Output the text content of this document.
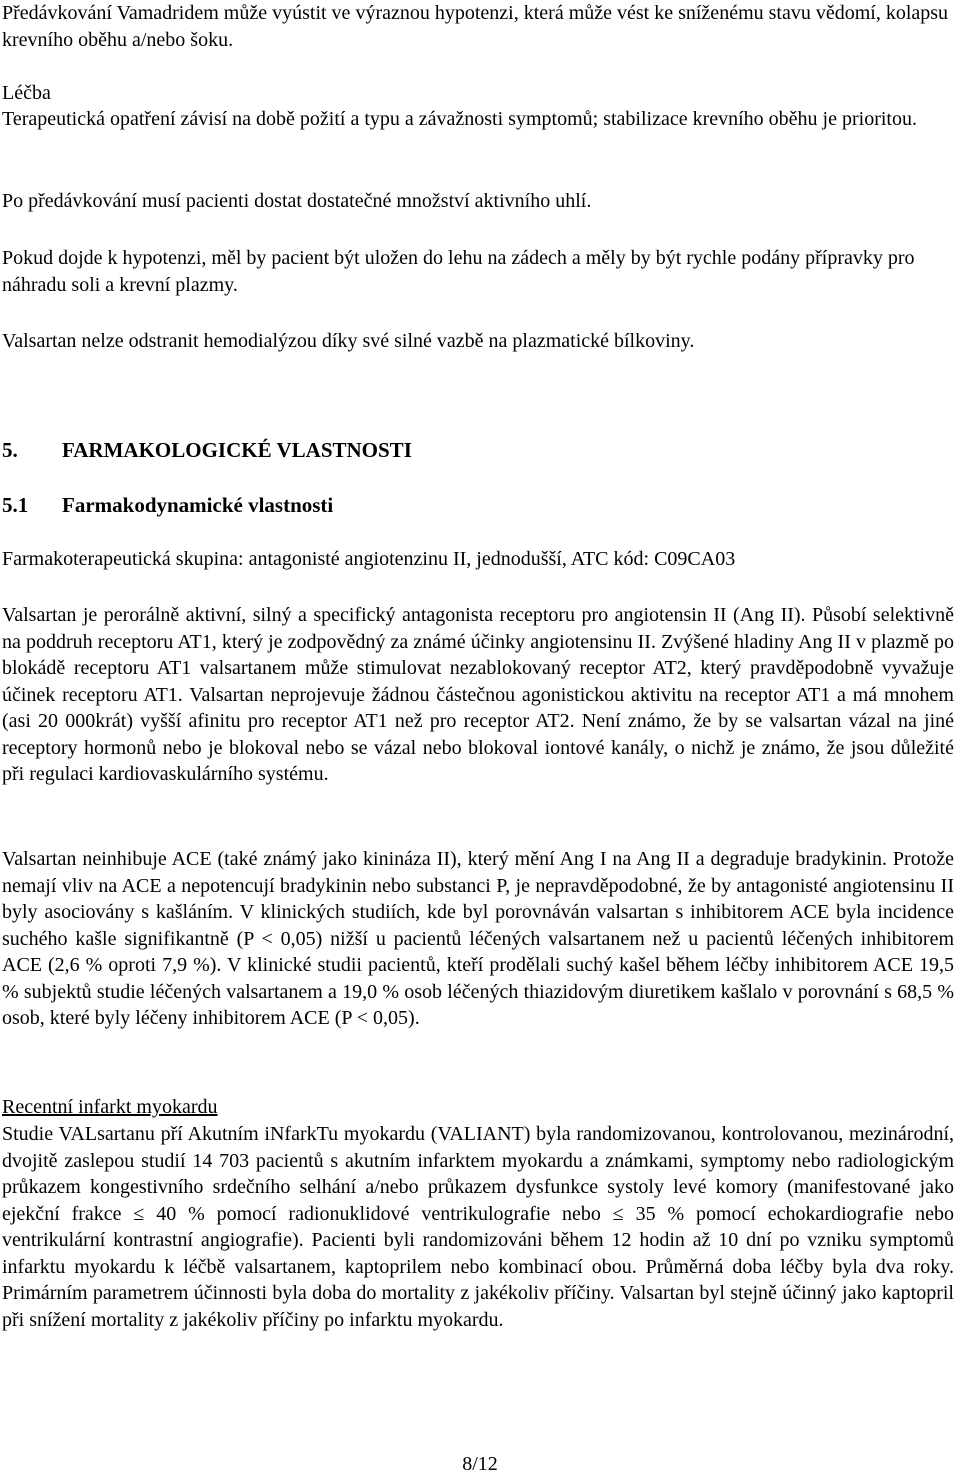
Předávkování Vamadridem může vyústit ve výraznou hypotenzi, která může vést ke sníženému stavu vědomí, kolapsu krevního oběhu a/nebo šoku.

Léčba

Terapeutická opatření závisí na době požití a typu a závažnosti symptomů; stabilizace krevního oběhu je prioritou.

Po předávkování musí pacienti dostat dostatečné množství aktivního uhlí.

Pokud dojde k hypotenzi, měl by pacient být uložen do lehu na zádech a měly by být rychle podány přípravky pro náhradu soli a krevní plazmy.

Valsartan nelze odstranit hemodialýzou díky své silné vazbě na plazmatické bílkoviny.

5. FARMAKOLOGICKÉ VLASTNOSTI
5.1 Farmakodynamické vlastnosti

Farmakoterapeutická skupina: antagonisté angiotenzinu II, jednodušší, ATC kód: C09CA03

Valsartan je perorálně aktivní, silný a specifický antagonista receptoru pro angiotensin II (Ang II). Působí selektivně na poddruh receptoru AT1, který je zodpovědný za známé účinky angiotensinu II. Zvýšené hladiny Ang II v plazmě po blokádě receptoru AT1 valsartanem může stimulovat nezablokovaný receptor AT2, který pravděpodobně vyvažuje účinek receptoru AT1. Valsartan neprojevuje žádnou částečnou agonistickou aktivitu na receptor AT1 a má mnohem (asi 20 000krát) vyšší afinitu pro receptor AT1 než pro receptor AT2. Není známo, že by se valsartan vázal na jiné receptory hormonů nebo je blokoval nebo se vázal nebo blokoval iontové kanály, o nichž je známo, že jsou důležité při regulaci kardiovaskulárního systému.

Valsartan neinhibuje ACE (také známý jako kininázа II), který mění Ang I na Ang II a degraduje bradykinin. Protože nemají vliv na ACE a nepotencují bradykinin nebo substanci P, je nepravděpodobné, že by antagonisté angiotensinu II byly asociovány s kašláním. V klinických studiích, kde byl porovnáván valsartan s inhibitorem ACE byla incidence suchého kašle signifikantně (P < 0,05) nižší u pacientů léčených valsartanem než u pacientů léčených inhibitorem ACE (2,6 % oproti 7,9 %). V klinické studii pacientů, kteří prodělali suchý kašel během léčby inhibitorem ACE 19,5 % subjektů studie léčených valsartanem a 19,0 % osob léčených thiazidovým diuretikem kašlalo v porovnání s 68,5 % osob, které byly léčeny inhibitorem ACE (P < 0,05).

Recentní infarkt myokardu

Studie VALsartanu pří Akutním iNfarkTu myokardu (VALIANT) byla randomizovanou, kontrolovanou, mezinárodní, dvojitě zaslepou studií 14 703 pacientů s akutním infarktem myokardu a známkami, symptomy nebo radiologickým průkazem kongestivního srdečního selhání a/nebo průkazem dysfunkce systoly levé komory (manifestované jako ejekční frakce ≤ 40 % pomocí radionuklidové ventrikulografie nebo ≤ 35 % pomocí echokardiografie nebo ventrikulární kontrastní angiografie). Pacienti byli randomizováni během 12 hodin až 10 dní po vzniku symptomů infarktu myokardu k léčbě valsartanem, kaptoprilem nebo kombinací obou. Průměrná doba léčby byla dva roky. Primárním parametrem účinnosti byla doba do mortality z jakékoliv příčiny. Valsartan byl stejně účinný jako kaptopril při snížení mortality z jakékoliv příčiny po infarktu myokardu.

8/12
